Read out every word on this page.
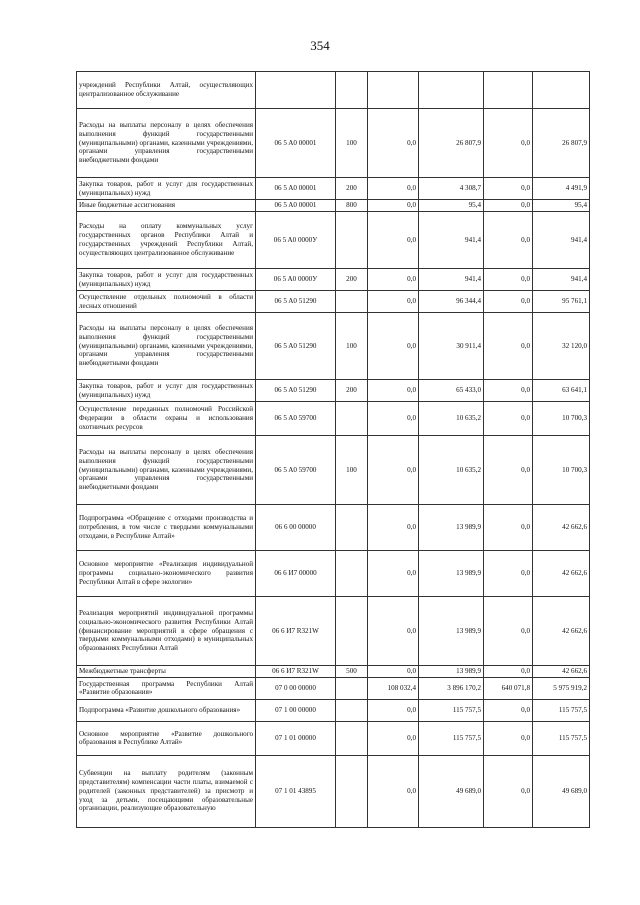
354
учреждений Республики Алтай, осуществляющих централизованное обслуживание						
Расходы на выплаты персоналу в целях обеспечения выполнения функций государственными (муниципальными) органами, казенными учреждениями, органами управления государственными внебюджетными фондами	06 5 A0 00001	100	0,0	26 807,9	0,0	26 807,9
Закупка товаров, работ и услуг для государственных (муниципальных) нужд	06 5 A0 00001	200	0,0	4 308,7	0,0	4 491,9
Иные бюджетные ассигнования	06 5 A0 00001	800	0,0	95,4	0,0	95,4
Расходы на оплату коммунальных услуг государственных органов Республики Алтай и государственных учреждений Республики Алтай, осуществляющих централизованное обслуживание	06 5 A0 0000У		0,0	941,4	0,0	941,4
Закупка товаров, работ и услуг для государственных (муниципальных) нужд	06 5 A0 0000У	200	0,0	941,4	0,0	941,4
Осуществление отдельных полномочий в области лесных отношений	06 5 A0 51290		0,0	96 344,4	0,0	95 761,1
Расходы на выплаты персоналу в целях обеспечения выполнения функций государственными (муниципальными) органами, казенными учреждениями, органами управления государственными внебюджетными фондами	06 5 A0 51290	100	0,0	30 911,4	0,0	32 120,0
Закупка товаров, работ и услуг для государственных (муниципальных) нужд	06 5 A0 51290	200	0,0	65 433,0	0,0	63 641,1
Осуществление переданных полномочий Российской Федерации в области охраны и использования охотничьих ресурсов	06 5 A0 59700		0,0	10 635,2	0,0	10 700,3
Расходы на выплаты персоналу в целях обеспечения выполнения функций государственными (муниципальными) органами, казенными учреждениями, органами управления государственными внебюджетными фондами	06 5 A0 59700	100	0,0	10 635,2	0,0	10 700,3
Подпрограмма «Обращение с отходами производства и потребления, в том числе с твердыми коммунальными отходами, в Республике Алтай»	06 6 00 00000		0,0	13 989,9	0,0	42 662,6
Основное мероприятие «Реализация индивидуальной программы социально-экономического развития Республики Алтай в сфере экологии»	06 6 И7 00000		0,0	13 989,9	0,0	42 662,6
Реализация мероприятий индивидуальной программы социально-экономического развития Республики Алтай (финансирование мероприятий в сфере обращения с твердыми коммунальными отходами) в муниципальных образованиях Республики Алтай	06 6 И7 R321W		0,0	13 989,9	0,0	42 662,6
Межбюджетные трансферты	06 6 И7 R321W	500	0,0	13 989,9	0,0	42 662,6
Государственная программа Республики Алтай «Развитие образования»	07 0 00 00000		108 032,4	3 896 170,2	640 071,8	5 975 919,2
Подпрограмма «Развитие дошкольного образования»	07 1 00 00000		0,0	115 757,5	0,0	115 757,5
Основное мероприятие «Развитие дошкольного образования в Республике Алтай»	07 1 01 00000		0,0	115 757,5	0,0	115 757,5
Субвенции на выплату родителям (законным представителям) компенсации части платы, взимаемой с родителей (законных представителей) за присмотр и уход за детьми, посещающими образовательные организации, реализующие образовательную	07 1 01 43895		0,0	49 689,0	0,0	49 689,0
